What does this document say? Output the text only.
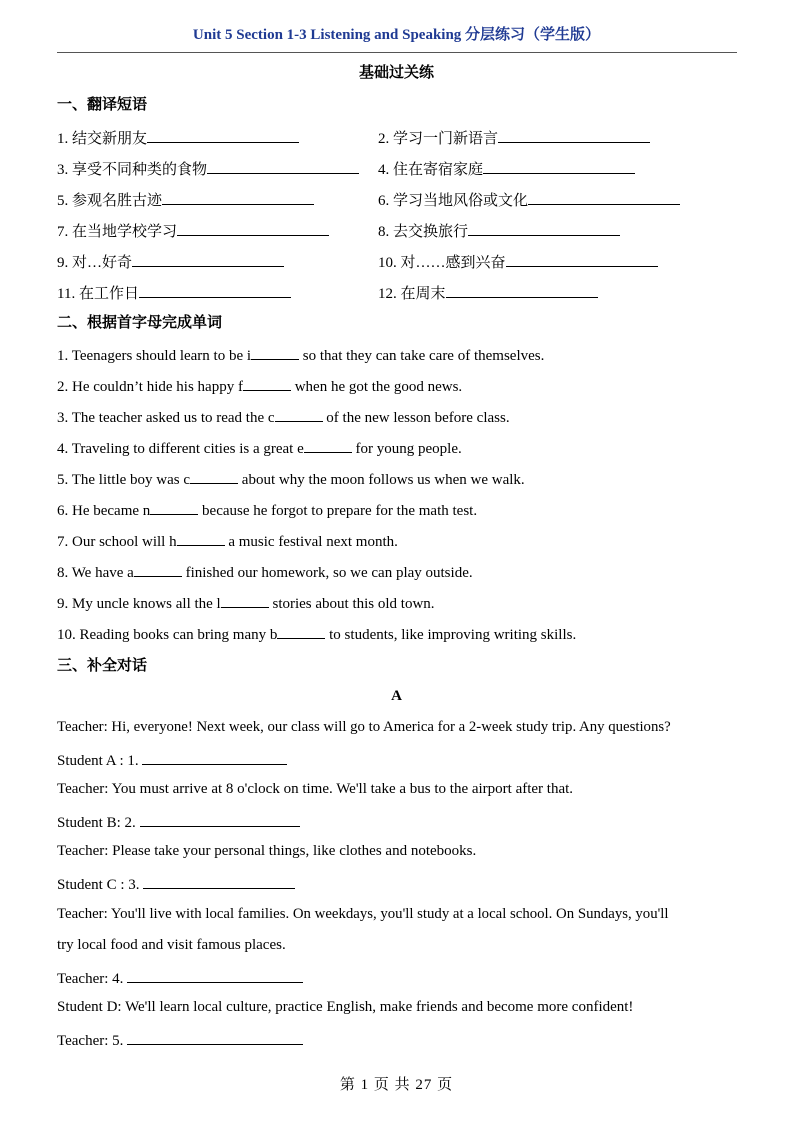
Unit 5 Section 1-3 Listening and Speaking 分层练习（学生版）
基础过关练
一、翻译短语
1. 结交新朋友	2. 学习一门新语言
3. 享受不同种类的食物	4. 住在寄宿家庭
5. 参观名胜古迹	6. 学习当地风俗或文化
7. 在当地学校学习	8. 去交换旅行
9. 对…好奇	10. 对……感到兴奋
11. 在工作日	12. 在周末
二、根据首字母完成单词
1. Teenagers should learn to be i	so that they can take care of themselves.
2. He couldn’t hide his happy f	when he got the good news.
3. The teacher asked us to read the c	of the new lesson before class.
4. Traveling to different cities is a great e	for young people.
5. The little boy was c	about why the moon follows us when we walk.
6. He became n	because he forgot to prepare for the math test.
7. Our school will h	a music festival next month.
8. We have a	finished our homework, so we can play outside.
9. My uncle knows all the l	stories about this old town.
10. Reading books can bring many b	to students, like improving writing skills.
三、补全对话
A
Teacher: Hi, everyone! Next week, our class will go to America for a 2-week study trip. Any questions?
Student A : 1.
Teacher: You must arrive at 8 o'clock on time. We'll take a bus to the airport after that.
Student B: 2.
Teacher: Please take your personal things, like clothes and notebooks.
Student C : 3.
Teacher: You'll live with local families. On weekdays, you'll study at a local school. On Sundays, you'll
try local food and visit famous places.
Teacher: 4.
Student D: We'll learn local culture, practice English, make friends and become more confident!
Teacher: 5.
第 1 页 共 27 页
